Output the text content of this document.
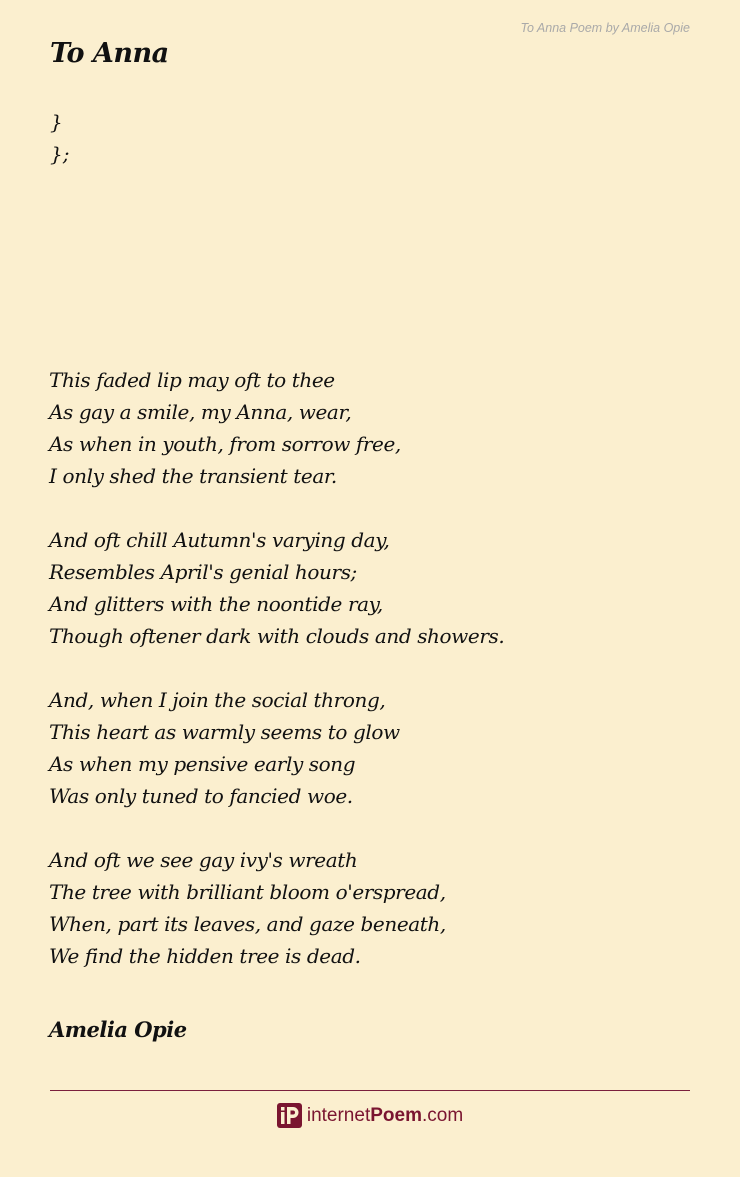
To Anna Poem by Amelia Opie
To Anna
}
};
This faded lip may oft to thee
As gay a smile, my Anna, wear,
As when in youth, from sorrow free,
I only shed the transient tear.
And oft chill Autumn's varying day,
Resembles April's genial hours;
And glitters with the noontide ray,
Though oftener dark with clouds and showers.
And, when I join the social throng,
This heart as warmly seems to glow
As when my pensive early song
Was only tuned to fancied woe.
And oft we see gay ivy's wreath
The tree with brilliant bloom o'erspread,
When, part its leaves, and gaze beneath,
We find the hidden tree is dead.
Amelia Opie
internetPoem.com
